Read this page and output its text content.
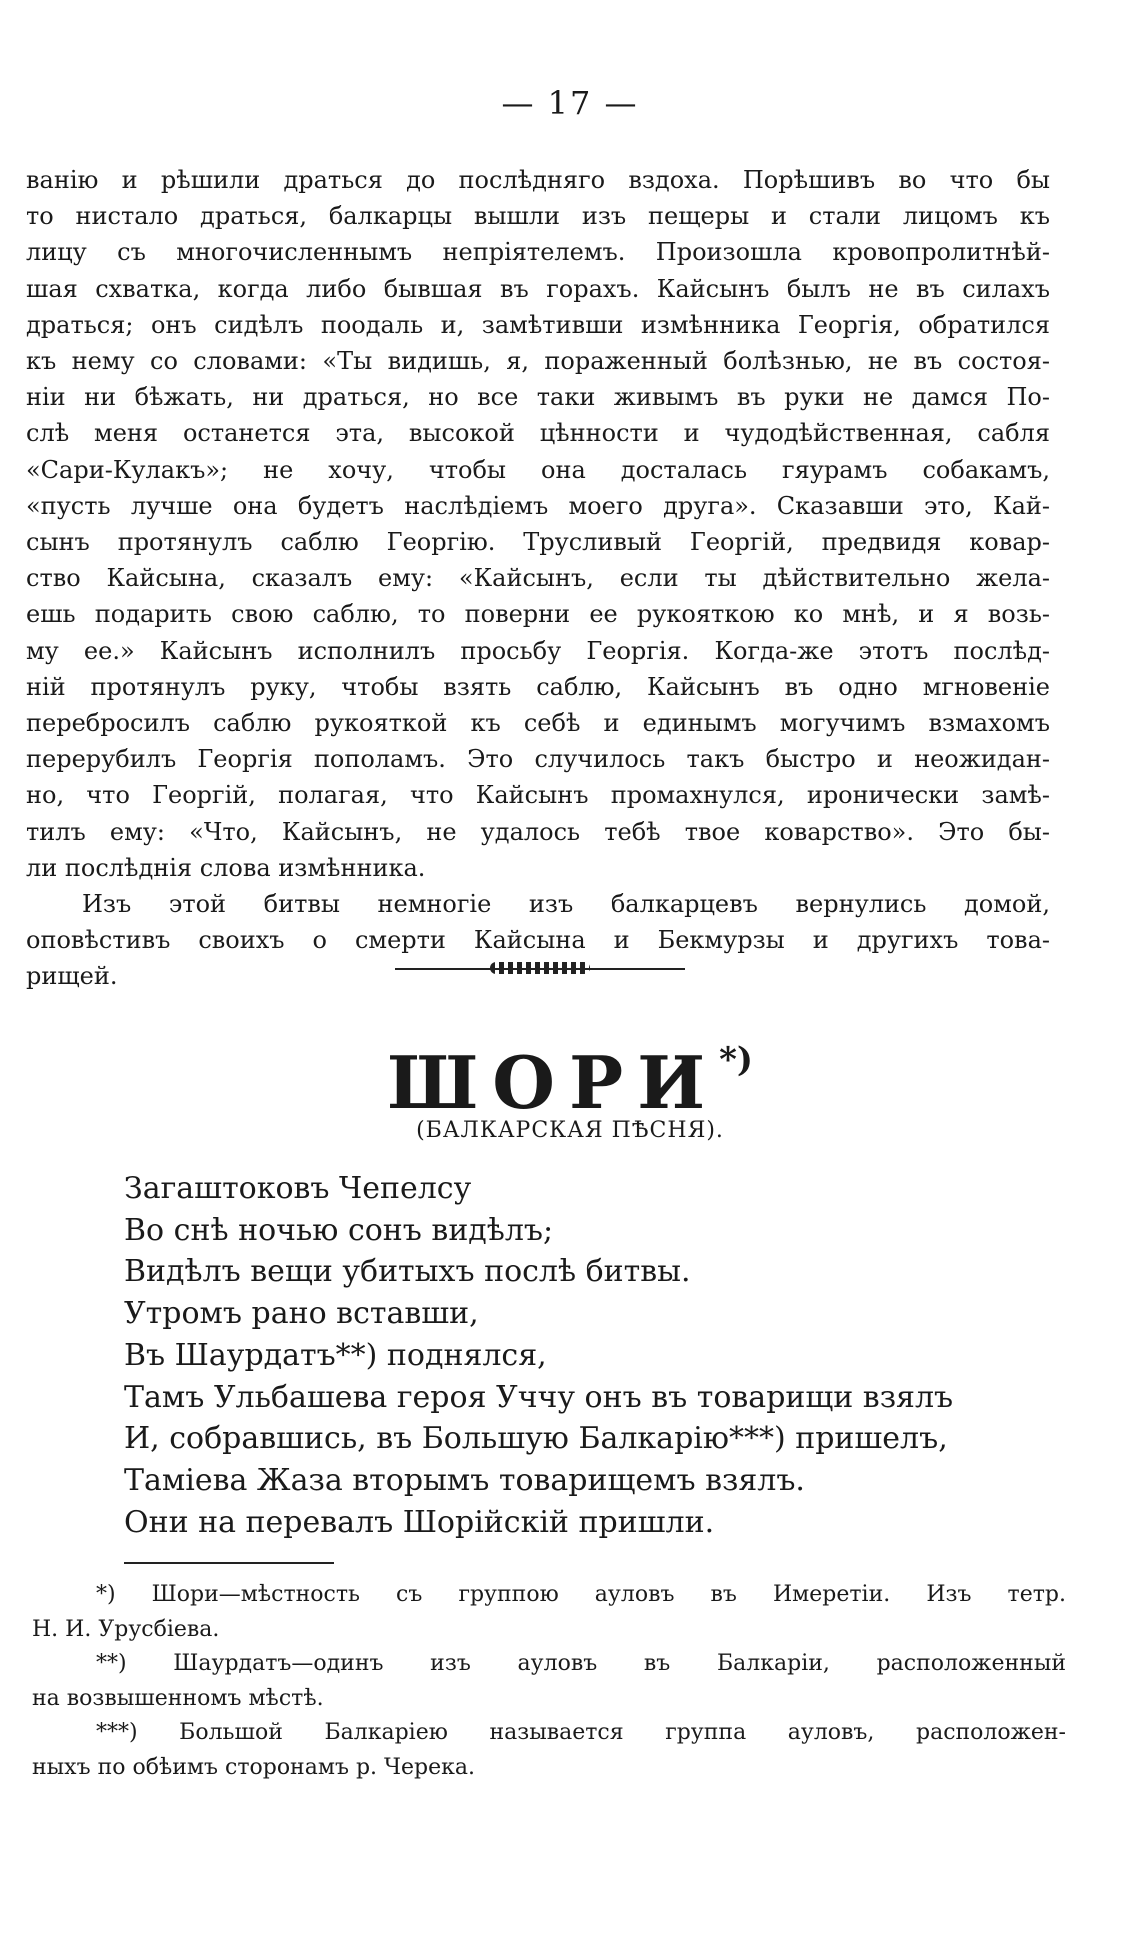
— 17 —
ванію и рѣшили драться до послѣдняго вздоха. Порѣшивъ во что бы
то нистало драться, балкарцы вышли изъ пещеры и стали лицомъ къ
лицу съ многочисленнымъ непріятелемъ. Произошла кровопролитнѣй-
шая схватка, когда либо бывшая въ горахъ. Кайсынъ былъ не въ силахъ
драться; онъ сидѣлъ поодаль и, замѣтивши измѣнника Георгія, обратился
къ нему со словами: «Ты видишь, я, пораженный болѣзнью, не въ состоя-
ніи ни бѣжать, ни драться, но все таки живымъ въ руки не дамся По-
слѣ меня останется эта, высокой цѣнности и чудодѣйственная, сабля
«Сари-Кулакъ»; не хочу, чтобы она досталась гяурамъ собакамъ,
«пусть лучше она будетъ наслѣдіемъ моего друга». Сказавши это, Кай-
сынъ протянулъ саблю Георгію. Трусливый Георгій, предвидя ковар-
ство Кайсына, сказалъ ему: «Кайсынъ, если ты дѣйствительно жела-
ешь подарить свою саблю, то поверни ее рукояткою ко мнѣ, и я возь-
му ее.» Кайсынъ исполнилъ просьбу Георгія. Когда-же этотъ послѣд-
ній протянулъ руку, чтобы взять саблю, Кайсынъ въ одно мгновеніе
перебросилъ саблю рукояткой къ себѣ и единымъ могучимъ взмахомъ
перерубилъ Георгія пополамъ. Это случилось такъ быстро и неожидан-
но, что Георгій, полагая, что Кайсынъ промахнулся, иронически замѣ-
тилъ ему: «Что, Кайсынъ, не удалось тебѣ твое коварство». Это бы-
ли послѣднія слова измѣнника.
Изъ этой битвы немногіе изъ балкарцевъ вернулись домой,
оповѣстивъ своихъ о смерти Кайсына и Бекмурзы и другихъ това-
рищей.
ШОРИ*)
(БАЛКАРСКАЯ ПѢСНЯ).
Загаштоковъ Чепелсу
Во снѣ ночью сонъ видѣлъ;
Видѣлъ вещи убитыхъ послѣ битвы.
Утромъ рано вставши,
Въ Шаурдатъ**) поднялся,
Тамъ Ульбашева героя Уччу онъ въ товарищи взялъ
И, собравшись, въ Большую Балкарію***) пришелъ,
Таміева Жаза вторымъ товарищемъ взялъ.
Они на перевалъ Шорійскій пришли.
*) Шори—мѣстность съ группою ауловъ въ Имеретіи. Изъ тетр.
Н. И. Урусбіева.
**) Шаурдатъ—одинъ изъ ауловъ въ Балкаріи, расположенный
на возвышенномъ мѣстѣ.
***) Большой Балкаріею называется группа ауловъ, расположен-
ныхъ по обѣимъ сторонамъ р. Черека.
